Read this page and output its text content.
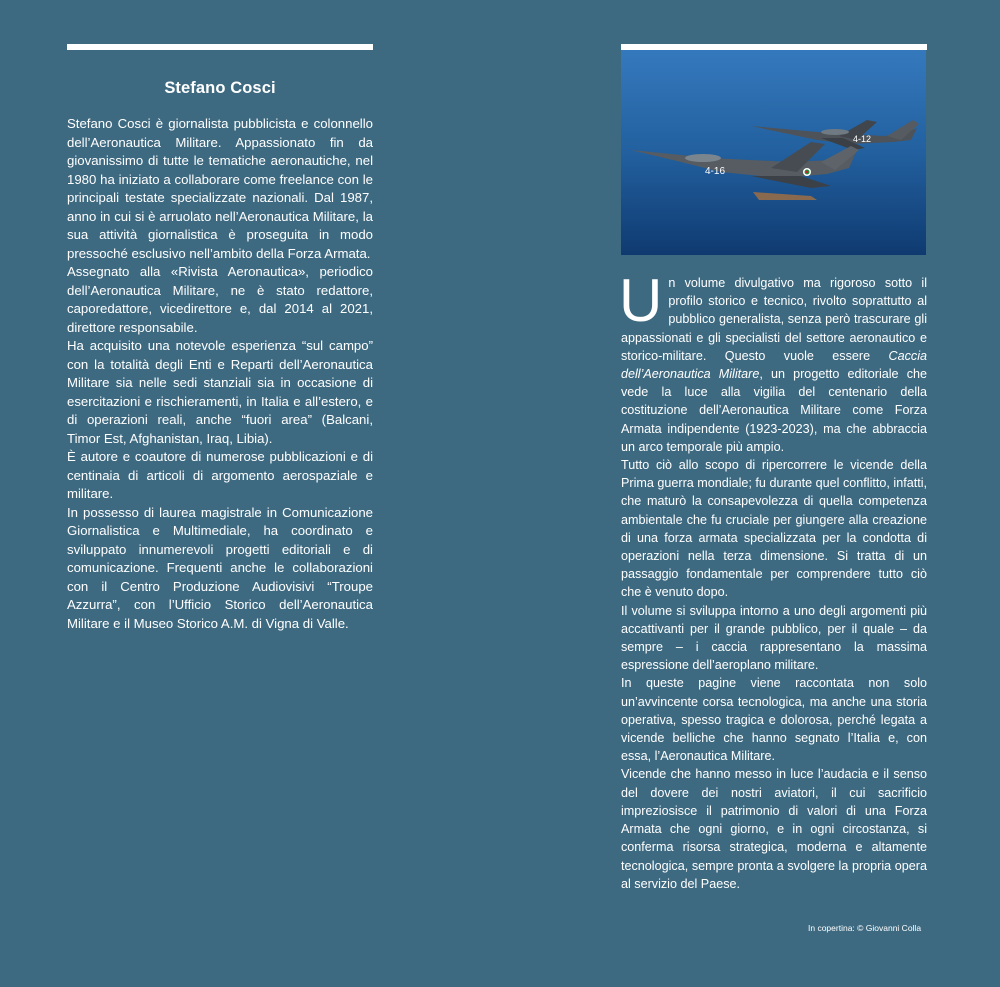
Stefano Cosci

Stefano Cosci è giornalista pubblicista e colonnello dell’Aeronautica Militare. Appassionato fin da giovanissimo di tutte le tematiche aeronautiche, nel 1980 ha iniziato a collaborare come freelance con le principali testate specializzate nazionali. Dal 1987, anno in cui si è arruolato nell’Aeronautica Militare, la sua attività giornalistica è proseguita in modo pressoché esclusivo nell’ambito della Forza Armata.

Assegnato alla «Rivista Aeronautica», periodico dell’Aeronautica Militare, ne è stato redattore, caporedattore, vicedirettore e, dal 2014 al 2021, direttore responsabile.

Ha acquisito una notevole esperienza “sul campo” con la totalità degli Enti e Reparti dell’Aeronautica Militare sia nelle sedi stanziali sia in occasione di esercitazioni e rischieramenti, in Italia e all’estero, e di operazioni reali, anche “fuori area” (Balcani, Timor Est, Afghanistan, Iraq, Libia).

È autore e coautore di numerose pubblicazioni e di centinaia di articoli di argomento aerospaziale e militare.

In possesso di laurea magistrale in Comunicazione Giornalistica e Multimediale, ha coordinato e sviluppato innumerevoli progetti editoriali e di comunicazione. Frequenti anche le collaborazioni con il Centro Produzione Audiovisivi “Troupe Azzurra”, con l’Ufficio Storico dell’Aeronautica Militare e il Museo Storico A.M. di Vigna di Valle.

4-12
4-16

Un volume divulgativo ma rigoroso sotto il profilo storico e tecnico, rivolto soprattutto al pubblico generalista, senza però trascurare gli appassionati e gli specialisti del settore aeronautico e storico-militare. Questo vuole essere Caccia dell’Aeronautica Militare, un progetto editoriale che vede la luce alla vigilia del centenario della costituzione dell’Aeronautica Militare come Forza Armata indipendente (1923-2023), ma che abbraccia un arco temporale più ampio.

Tutto ciò allo scopo di ripercorrere le vicende della Prima guerra mondiale; fu durante quel conflitto, infatti, che maturò la consapevolezza di quella competenza ambientale che fu cruciale per giungere alla creazione di una forza armata specializzata per la condotta di operazioni nella terza dimensione. Si tratta di un passaggio fondamentale per comprendere tutto ciò che è venuto dopo.

Il volume si sviluppa intorno a uno degli argomenti più accattivanti per il grande pubblico, per il quale – da sempre – i caccia rappresentano la massima espressione dell’aeroplano militare.

In queste pagine viene raccontata non solo un’avvincente corsa tecnologica, ma anche una storia operativa, spesso tragica e dolorosa, perché legata a vicende belliche che hanno segnato l’Italia e, con essa, l’Aeronautica Militare.

Vicende che hanno messo in luce l’audacia e il senso del dovere dei nostri aviatori, il cui sacrificio impreziosisce il patrimonio di valori di una Forza Armata che ogni giorno, e in ogni circostanza, si conferma risorsa strategica, moderna e altamente tecnologica, sempre pronta a svolgere la propria opera al servizio del Paese.

In copertina: © Giovanni Colla
